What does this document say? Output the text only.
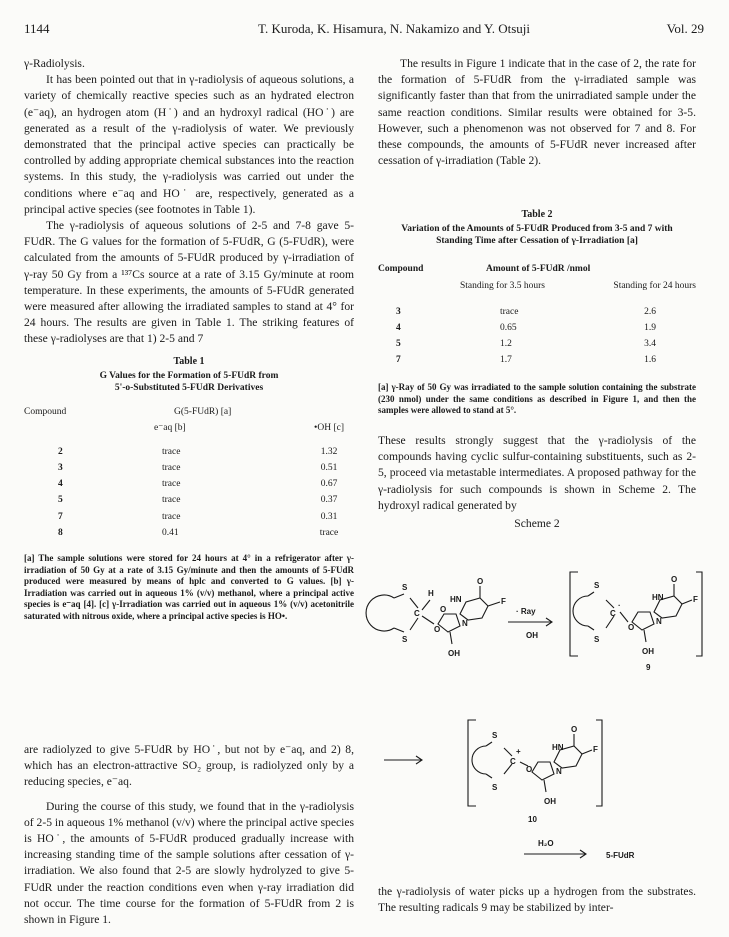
1144	T. Kuroda, K. Hisamura, N. Nakamizo and Y. Otsuji	Vol. 29

γ-Radiolysis.

It has been pointed out that in γ-radiolysis of aqueous solutions, a variety of chemically reactive species such as an hydrated electron (e⁻aq), an hydrogen atom (H˙) and an hydroxyl radical (HO˙) are generated as a result of the γ-radiolysis of water. We previously demonstrated that the principal active species can practically be controlled by adding appropriate chemical substances into the reaction systems. In this study, the γ-radiolysis was carried out under the conditions where e⁻aq and HO˙ are, respectively, generated as a principal active species (see footnotes in Table 1).

The γ-radiolysis of aqueous solutions of 2-5 and 7-8 gave 5-FUdR. The G values for the formation of 5-FUdR, G (5-FUdR), were calculated from the amounts of 5-FUdR produced by γ-irradiation of γ-ray 50 Gy from a ¹³⁷Cs source at a rate of 3.15 Gy/minute at room temperature. In these experiments, the amounts of 5-FUdR generated were measured after allowing the irradiated samples to stand at 4° for 24 hours. The results are given in Table 1. The striking features of these γ-radiolyses are that 1) 2-5 and 7

Table 1
G Values for the Formation of 5-FUdR from
5'-o-Substituted 5-FUdR Derivatives
Compound	G(5-FUdR) [a]	
	e⁻aq [b]	•OH [c]
2	trace	1.32
3	trace	0.51
4	trace	0.67
5	trace	0.37
7	trace	0.31
8	0.41	trace
[a] The sample solutions were stored for 24 hours at 4° in a refrigerator after γ-irradiation of 50 Gy at a rate of 3.15 Gy/minute and then the amounts of 5-FUdR produced were measured by means of hplc and converted to G values. [b] γ-Irradiation was carried out in aqueous 1% (v/v) methanol, where a principal active species is e⁻aq [4]. [c] γ-Irradiation was carried out in aqueous 1% (v/v) acetonitrile saturated with nitrous oxide, where a principal active species is HO•.

are radiolyzed to give 5-FUdR by HO˙, but not by e⁻aq, and 2) 8, which has an electron-attractive SO₂ group, is radiolyzed only by a reducing species, e⁻aq.

During the course of this study, we found that in the γ-radiolysis of 2-5 in aqueous 1% methanol (v/v) where the principal active species is HO˙, the amounts of 5-FUdR produced gradually increase with increasing standing time of the sample solutions after cessation of γ-irradiation. We also found that 2-5 are slowly hydrolyzed to give 5-FUdR under the reaction conditions even when γ-ray irradiation did not occur. The time course for the formation of 5-FUdR from 2 is shown in Figure 1.

The results in Figure 1 indicate that in the case of 2, the rate for the formation of 5-FUdR from the γ-irradiated sample was significantly faster than that from the unirradiated sample under the same reaction conditions. Similar results were obtained for 3-5. However, such a phenomenon was not observed for 7 and 8. For these compounds, the amounts of 5-FUdR never increased after cessation of γ-irradiation (Table 2).

Table 2
Variation of the Amounts of 5-FUdR Produced from 3-5 and 7 with
Standing Time after Cessation of γ-Irradiation [a]
Compound	Amount of 5-FUdR /nmol	
	Standing for 3.5 hours	Standing for 24 hours
3	trace	2.6
4	0.65	1.9
5	1.2	3.4
7	1.7	1.6
[a] γ-Ray of 50 Gy was irradiated to the sample solution containing the substrate (230 nmol) under the same conditions as described in Figure 1, and then the samples were allowed to stand at 5°.

These results strongly suggest that the γ-radiolysis of the compounds having cyclic sulfur-containing substituents, such as 2-5, proceed via metastable intermediates. A proposed pathway for the γ-radiolysis for such compounds is shown in Scheme 2. The hydroxyl radical generated by

Scheme 2
S
S
C
H
O
O
OH
N
HN
O
F
· Ray
OH
S
S
C
·
O
OH
HN
O
F
N
9
S
S
C
+
O
OH
HN
O
F
N
10
H₂O
5-FUdR

the γ-radiolysis of water picks up a hydrogen from the substrates. The resulting radicals 9 may be stabilized by inter-
